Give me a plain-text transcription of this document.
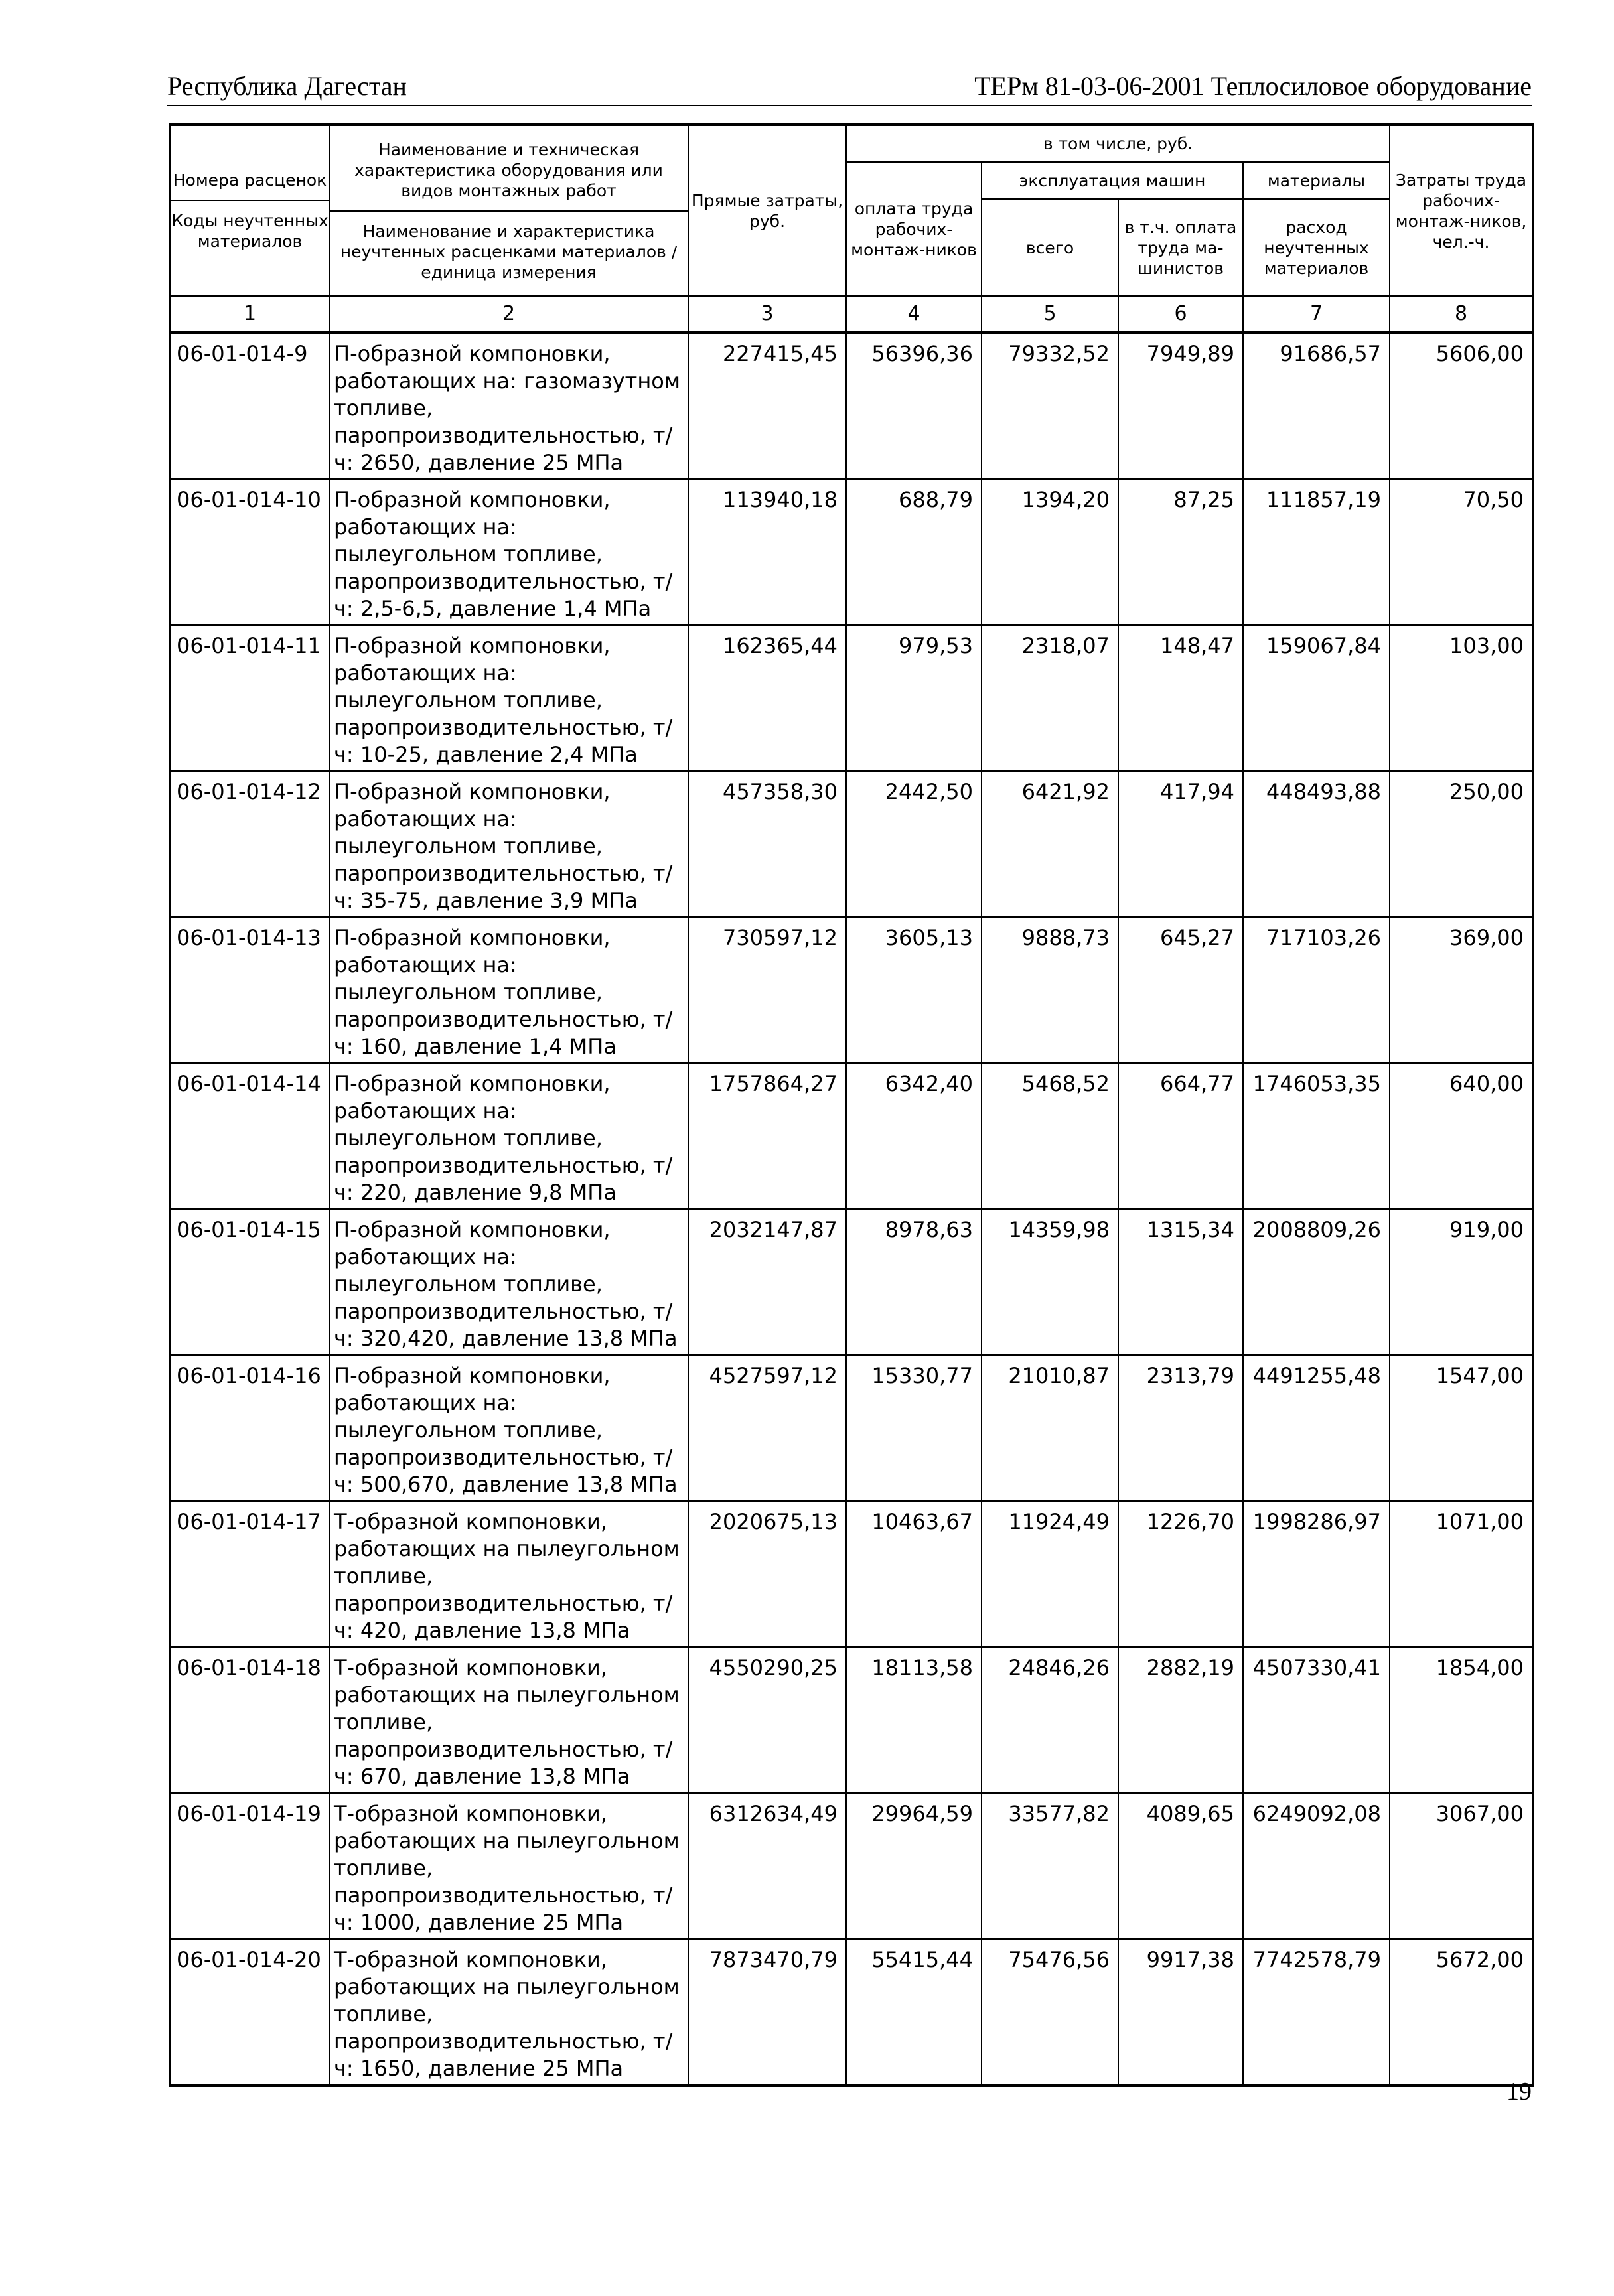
Республика Дагестан	ТЕРм 81-03-06-2001 Теплосиловое оборудование
Номера расценок
Коды неучтенных материалов	Наименование и техническая характеристика оборудования или видов монтажных работ
Наименование и характеристика неучтенных расценками материалов / единица измерения	Прямые затраты, руб.	в том числе, руб.				Затраты труда рабочих-монтаж-ников, чел.-ч.
			оплата труда рабочих-монтаж-ников	эксплуатация машин		материалы	
				всего	в т.ч. оплата труда ма-шинистов	расход неучтенных материалов	
1	2	3	4	5	6	7	8
06-01-014-9	П-образной компоновки, работающих на: газомазутном топливе, паропроизводительностью, т/ч: 2650, давление 25 МПа	227415,45	56396,36	79332,52	7949,89	91686,57	5606,00
06-01-014-10	П-образной компоновки, работающих на: пылеугольном топливе, паропроизводительностью, т/ч: 2,5-6,5, давление 1,4 МПа	113940,18	688,79	1394,20	87,25	111857,19	70,50
06-01-014-11	П-образной компоновки, работающих на: пылеугольном топливе, паропроизводительностью, т/ч: 10-25, давление 2,4 МПа	162365,44	979,53	2318,07	148,47	159067,84	103,00
06-01-014-12	П-образной компоновки, работающих на: пылеугольном топливе, паропроизводительностью, т/ч: 35-75, давление 3,9 МПа	457358,30	2442,50	6421,92	417,94	448493,88	250,00
06-01-014-13	П-образной компоновки, работающих на: пылеугольном топливе, паропроизводительностью, т/ч: 160, давление 1,4 МПа	730597,12	3605,13	9888,73	645,27	717103,26	369,00
06-01-014-14	П-образной компоновки, работающих на: пылеугольном топливе, паропроизводительностью, т/ч: 220, давление 9,8 МПа	1757864,27	6342,40	5468,52	664,77	1746053,35	640,00
06-01-014-15	П-образной компоновки, работающих на: пылеугольном топливе, паропроизводительностью, т/ч: 320,420, давление 13,8 МПа	2032147,87	8978,63	14359,98	1315,34	2008809,26	919,00
06-01-014-16	П-образной компоновки, работающих на: пылеугольном топливе, паропроизводительностью, т/ч: 500,670, давление 13,8 МПа	4527597,12	15330,77	21010,87	2313,79	4491255,48	1547,00
06-01-014-17	Т-образной компоновки, работающих на пылеугольном топливе, паропроизводительностью, т/ч: 420, давление 13,8 МПа	2020675,13	10463,67	11924,49	1226,70	1998286,97	1071,00
06-01-014-18	Т-образной компоновки, работающих на пылеугольном топливе, паропроизводительностью, т/ч: 670, давление 13,8 МПа	4550290,25	18113,58	24846,26	2882,19	4507330,41	1854,00
06-01-014-19	Т-образной компоновки, работающих на пылеугольном топливе, паропроизводительностью, т/ч: 1000, давление 25 МПа	6312634,49	29964,59	33577,82	4089,65	6249092,08	3067,00
06-01-014-20	Т-образной компоновки, работающих на пылеугольном топливе, паропроизводительностью, т/ч: 1650, давление 25 МПа	7873470,79	55415,44	75476,56	9917,38	7742578,79	5672,00
19
